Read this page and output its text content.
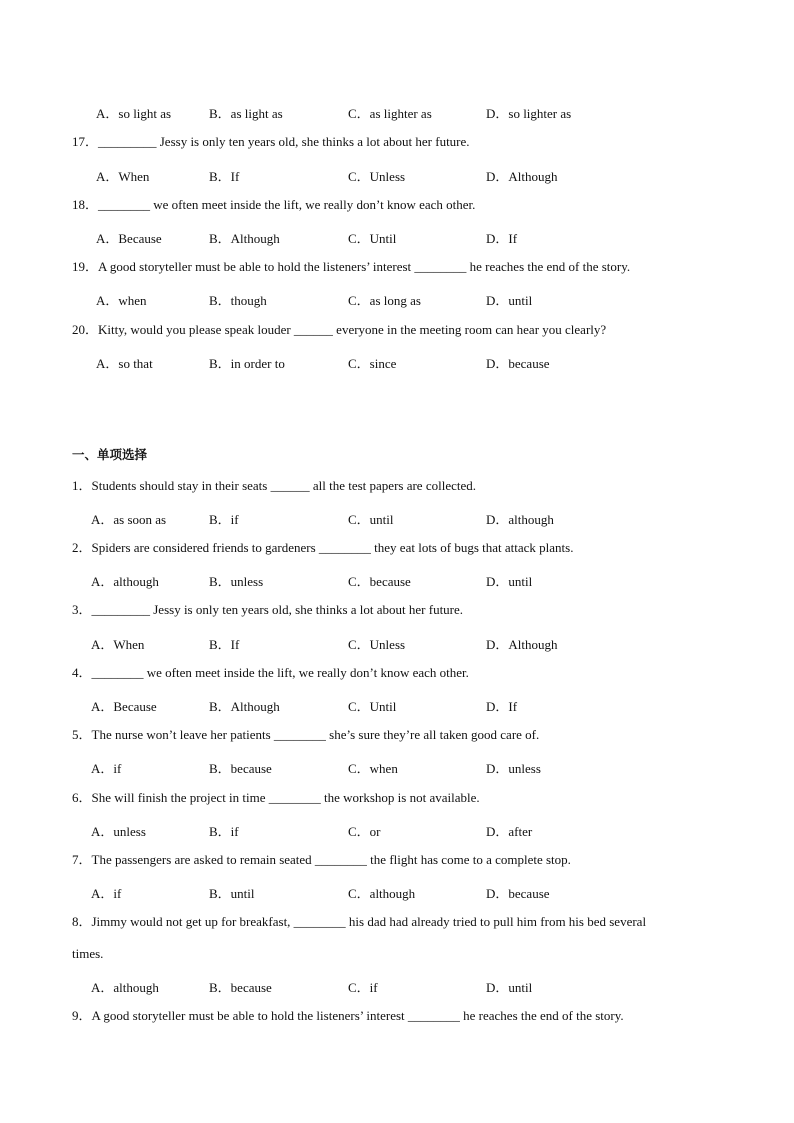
A．so light as	B．as light as	C．as lighter as	D．so lighter as
17．_________ Jessy is only ten years old, she thinks a lot about her future.
A．When	B．If	C．Unless	D．Although
18．________ we often meet inside the lift, we really don’t know each other.
A．Because	B．Although	C．Until	D．If
19．A good storyteller must be able to hold the listeners’ interest ________ he reaches the end of the story.
A．when	B．though	C．as long as	D．until
20．Kitty, would you please speak louder ______ everyone in the meeting room can hear you clearly?
A．so that	B．in order to	C．since	D．because
一、单项选择
1．Students should stay in their seats ______ all the test papers are collected.
A．as soon as	B．if	C．until	D．although
2．Spiders are considered friends to gardeners ________ they eat lots of bugs that attack plants.
A．although	B．unless	C．because	D．until
3．_________ Jessy is only ten years old, she thinks a lot about her future.
A．When	B．If	C．Unless	D．Although
4．________ we often meet inside the lift, we really don’t know each other.
A．Because	B．Although	C．Until	D．If
5．The nurse won’t leave her patients ________ she’s sure they’re all taken good care of.
A．if	B．because	C．when	D．unless
6．She will finish the project in time ________ the workshop is not available.
A．unless	B．if	C．or	D．after
7．The passengers are asked to remain seated ________ the flight has come to a complete stop.
A．if	B．until	C．although	D．because
8．Jimmy would not get up for breakfast, ________ his dad had already tried to pull him from his bed several
times.
A．although	B．because	C．if	D．until
9．A good storyteller must be able to hold the listeners’ interest ________ he reaches the end of the story.
